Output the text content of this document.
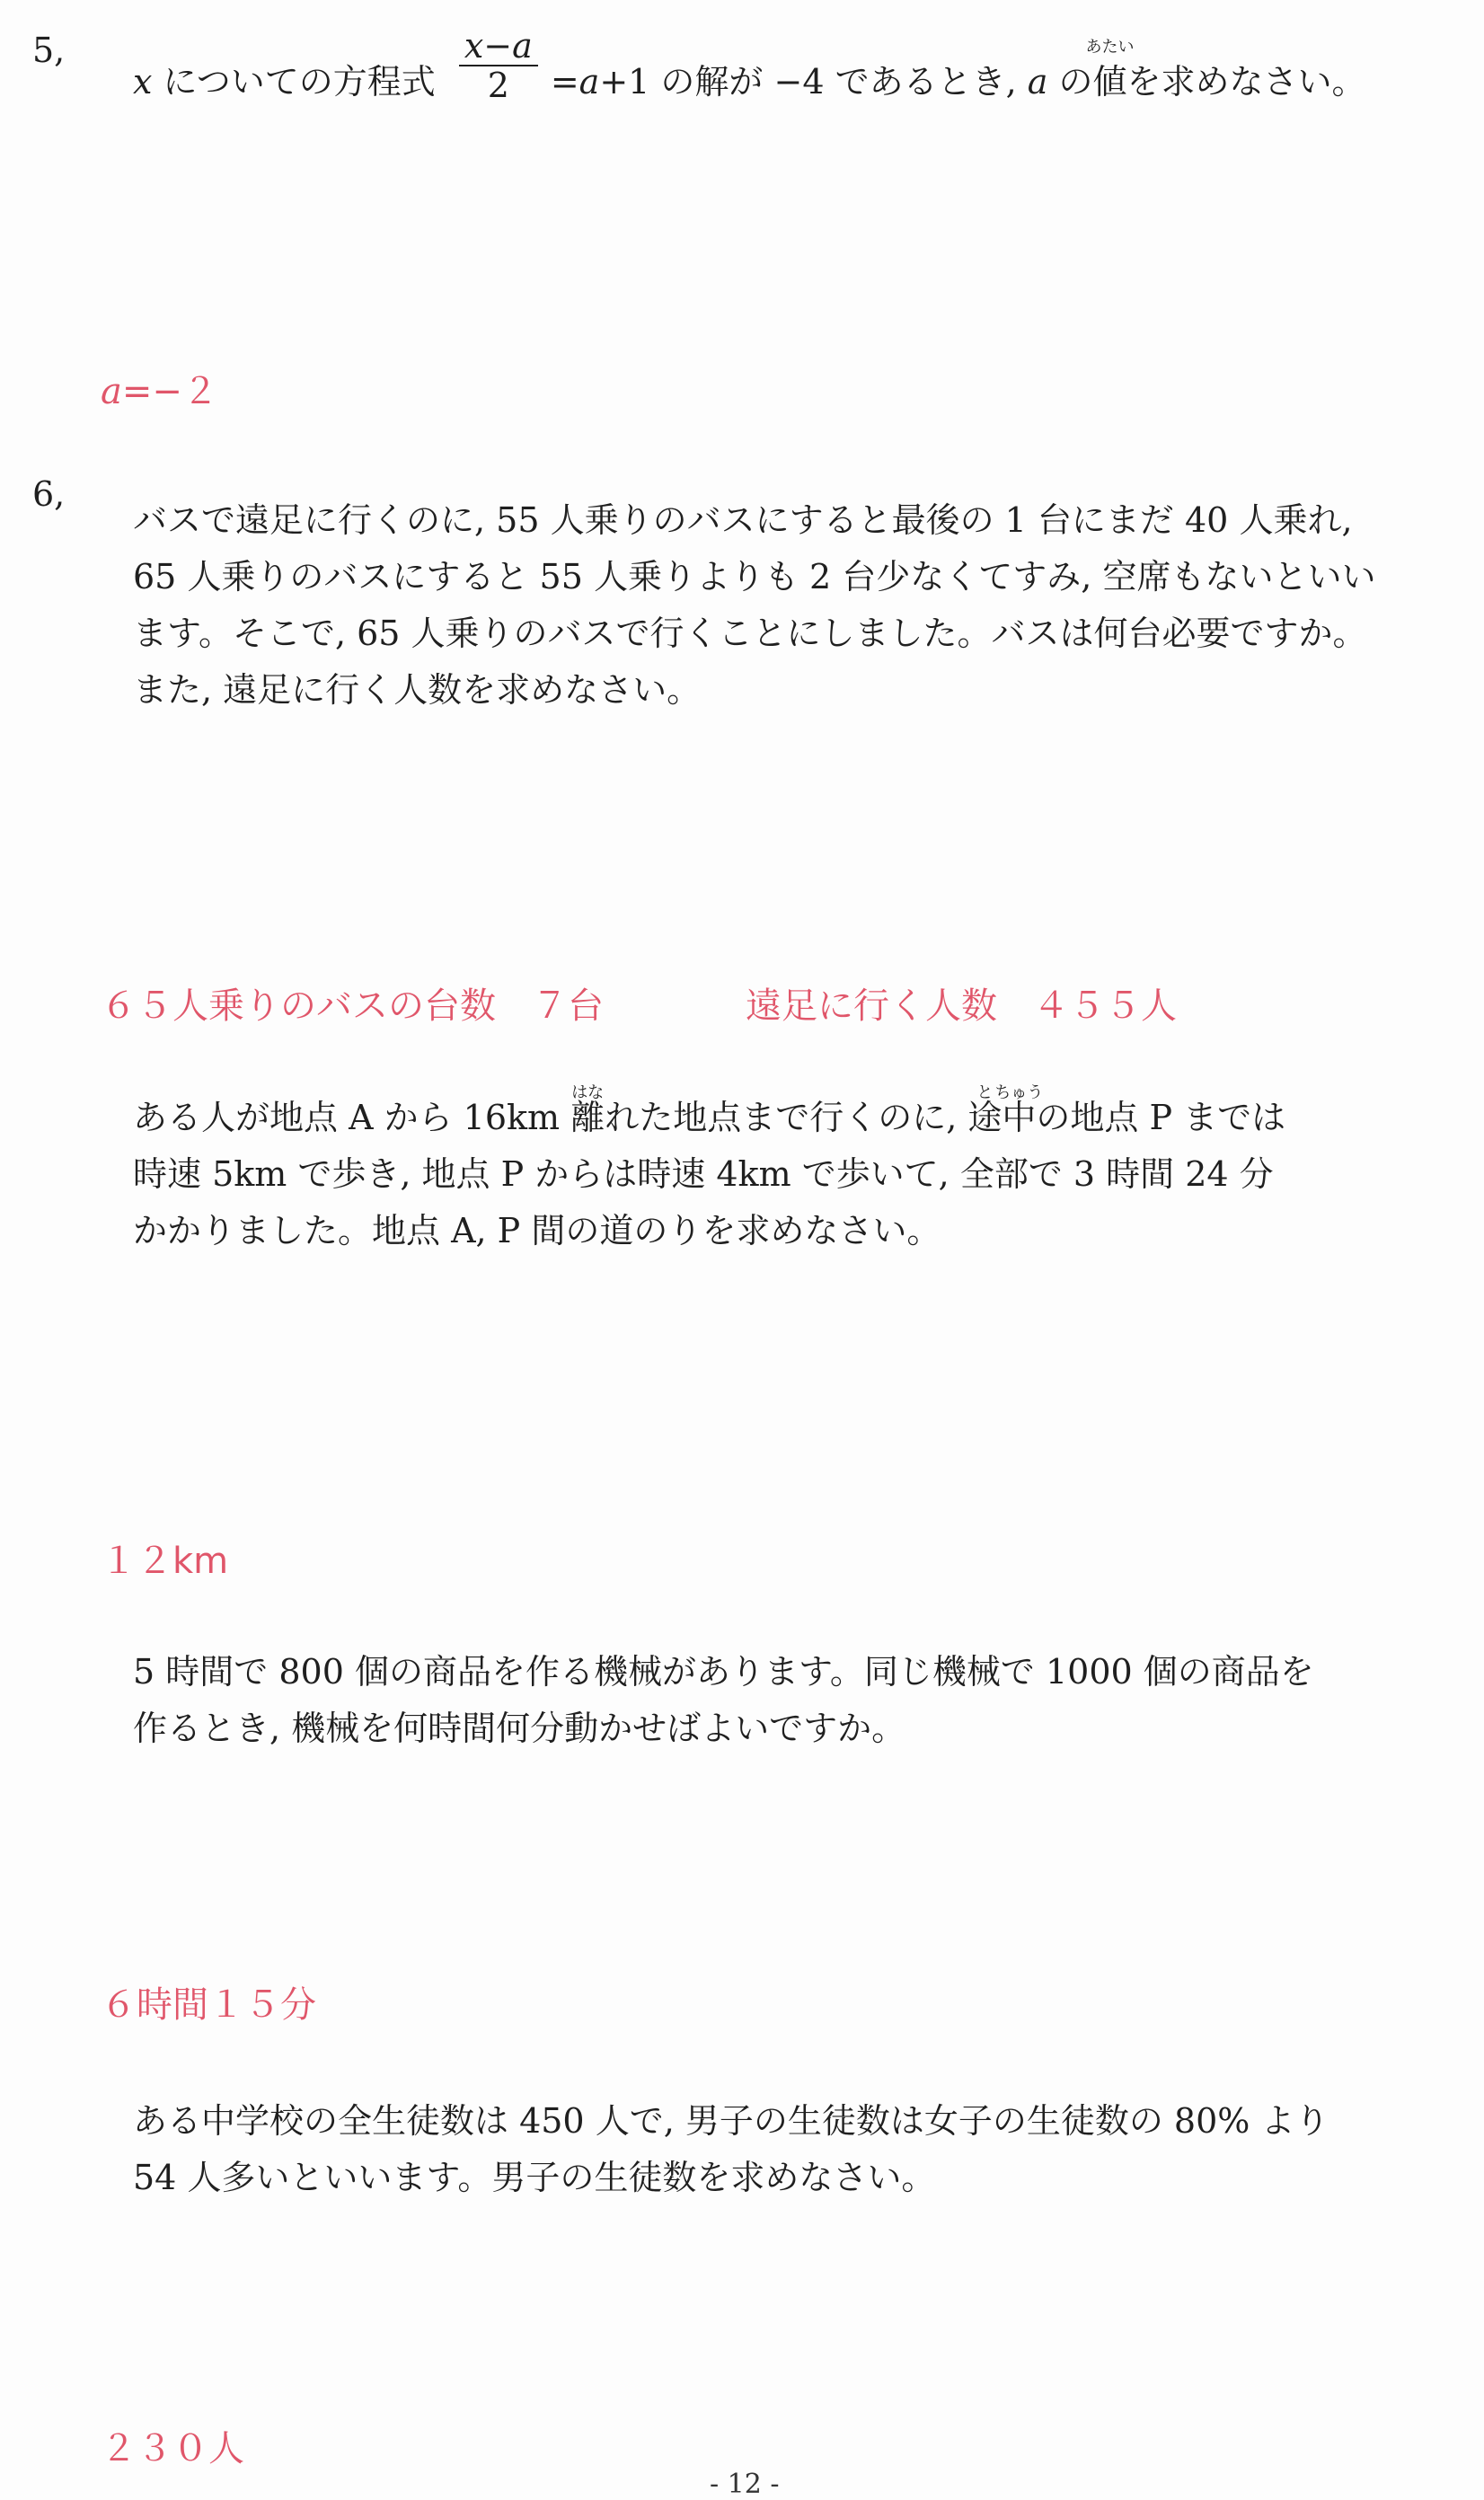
5,
x についての方程式 $\frac{x-a}{2} =a+1$ の解が −4 であるとき, a の
あたい
値を求めなさい。
a=−２
6,
バスで遠足に行くのに, 55 人乗りのバスにすると最後の 1 台にまだ 40 人乗れ,
65 人乗りのバスにすると 55 人乗りよりも 2 台少なくてすみ, 空席もないといい
ます。そこで, 65 人乗りのバスで行くことにしました。バスは何台必要ですか。
また, 遠足に行く人数を求めなさい。
６５人乗りのバスの台数　７台	遠足に行く人数　４５５人
ある人が地点 A から 16km
はな
離れた地点まで行くのに,
と
途
ちゅう
中の地点 P までは
時速 5km で歩き, 地点 P からは時速 4km で歩いて, 全部で 3 時間 24 分
かかりました。地点 A, P 間の道のりを求めなさい。
１２km
5 時間で 800 個の商品を作る機械があります。同じ機械で 1000 個の商品を
作るとき, 機械を何時間何分動かせばよいですか。
６時間１５分
ある中学校の全生徒数は 450 人で, 男子の生徒数は女子の生徒数の 80% より
54 人多いといいます。男子の生徒数を求めなさい。
２３０人
- 12 -
